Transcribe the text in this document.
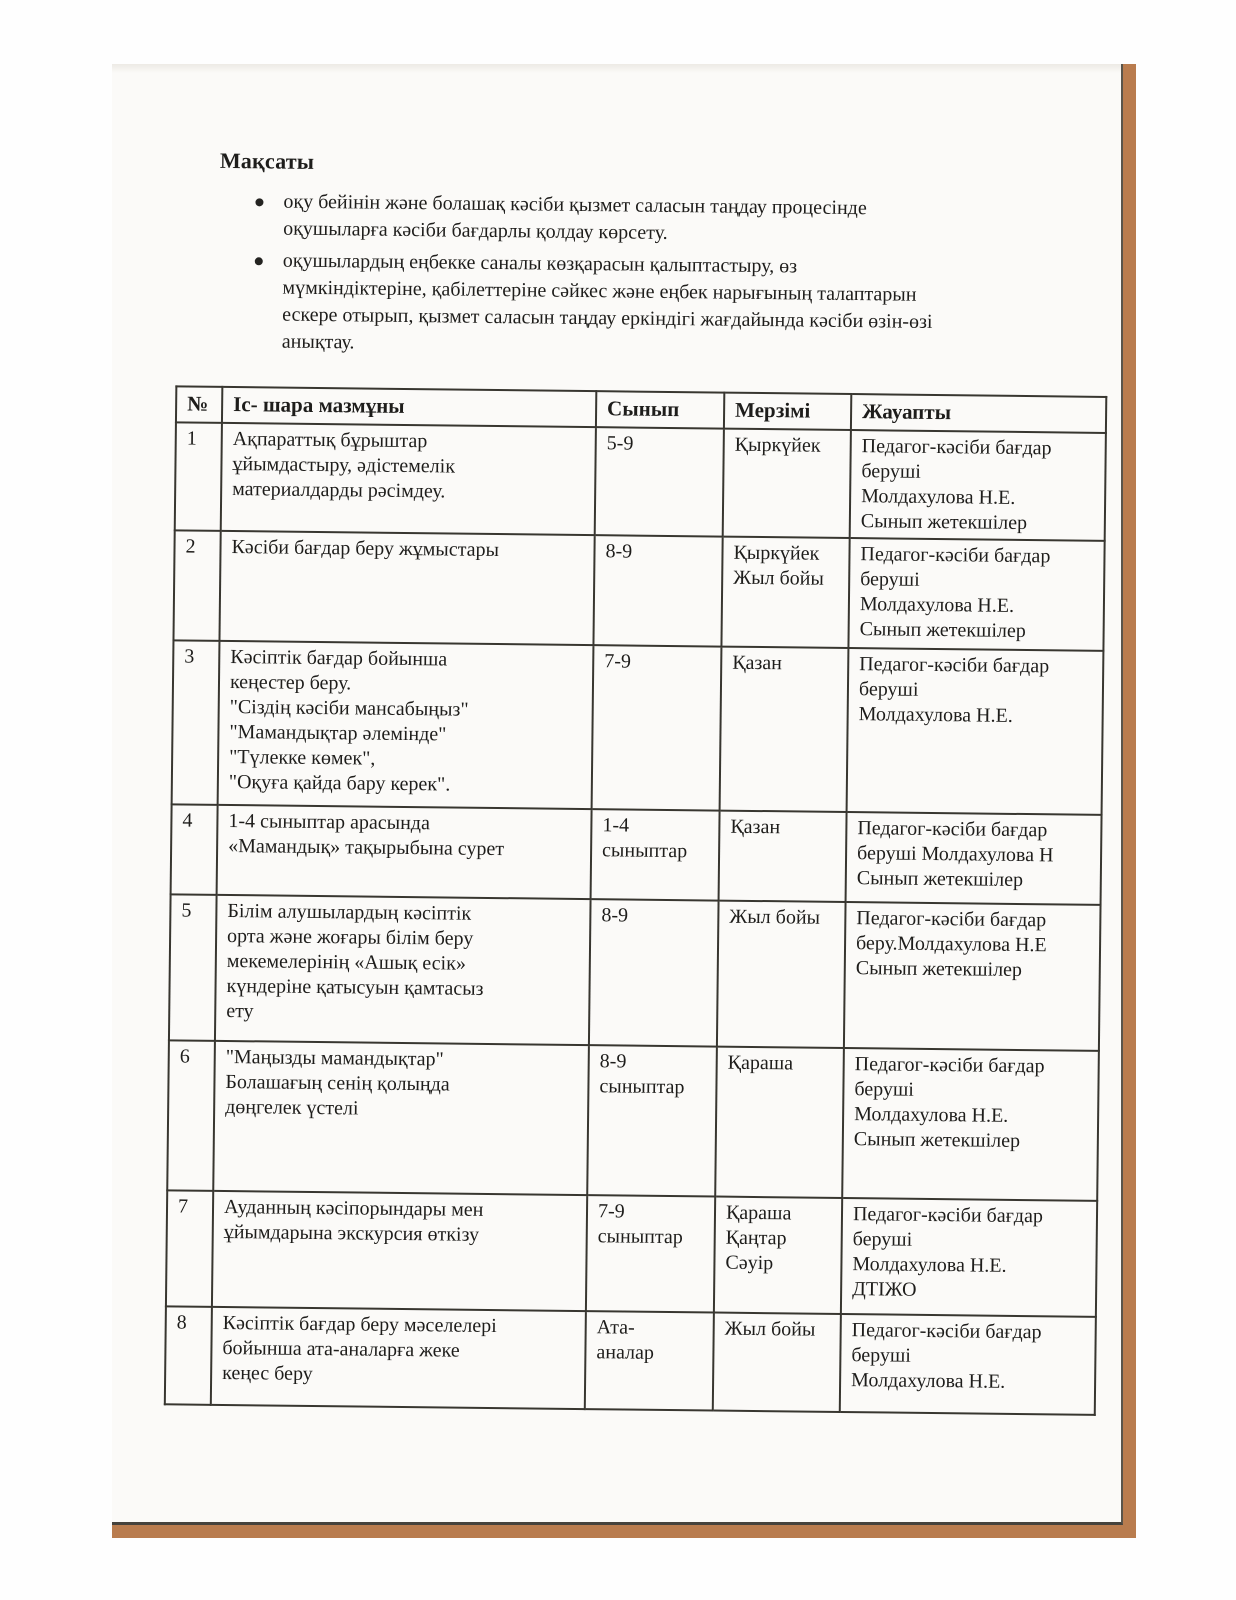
Мақсаты
оқу бейінін және болашақ кәсіби қызмет саласын таңдау процесінде
оқушыларға кәсіби бағдарлы қолдау көрсету.
оқушылардың еңбекке саналы көзқарасын қалыптастыру, өз
мүмкіндіктеріне, қабілеттеріне сәйкес және еңбек нарығының талаптарын
ескере отырып, қызмет саласын таңдау еркіндігі жағдайында кәсіби өзін-өзі
анықтау.
№	Іс- шара мазмұны	Сынып	Мерзімі	Жауапты
1	Ақпараттық бұрыштар
ұйымдастыру, әдістемелік
материалдарды рәсімдеу.	5-9	Қыркүйек	Педагог-кәсіби бағдар
беруші
Молдахулова Н.Е.
Сынып жетекшілер
2	Кәсіби бағдар беру жұмыстары	8-9	Қыркүйек
Жыл бойы	Педагог-кәсіби бағдар
беруші
Молдахулова Н.Е.
Сынып жетекшілер
3	Кәсіптік бағдар бойынша
кеңестер беру.
"Сіздің кәсіби мансабыңыз"
"Мамандықтар әлемінде"
"Түлекке көмек",
"Оқуға қайда бару керек".	7-9	Қазан	Педагог-кәсіби бағдар
беруші
Молдахулова Н.Е.
4	1-4 сыныптар арасында
«Мамандық» тақырыбына сурет	1-4
сыныптар	Қазан	Педагог-кәсіби бағдар
беруші Молдахулова Н
Сынып жетекшілер
5	Білім алушылардың кәсіптік
орта және жоғары білім беру
мекемелерінің «Ашық есік»
күндеріне қатысуын қамтасыз
ету	8-9	Жыл бойы	Педагог-кәсіби бағдар
беру.Молдахулова Н.Е
Сынып жетекшілер
6	"Маңызды мамандықтар"
Болашағың сенің қолыңда
дөңгелек үстелі	8-9
сыныптар	Қараша	Педагог-кәсіби бағдар
беруші
Молдахулова Н.Е.
Сынып жетекшілер
7	Ауданның кәсіпорындары мен
ұйымдарына экскурсия өткізу	7-9
сыныптар	Қараша
Қаңтар
Сәуір	Педагог-кәсіби бағдар
беруші
Молдахулова Н.Е.
ДТІЖО
8	Кәсіптік бағдар беру мәселелері
бойынша ата-аналарға жеке
кеңес беру	Ата-
аналар	Жыл бойы	Педагог-кәсіби бағдар
беруші
Молдахулова Н.Е.
